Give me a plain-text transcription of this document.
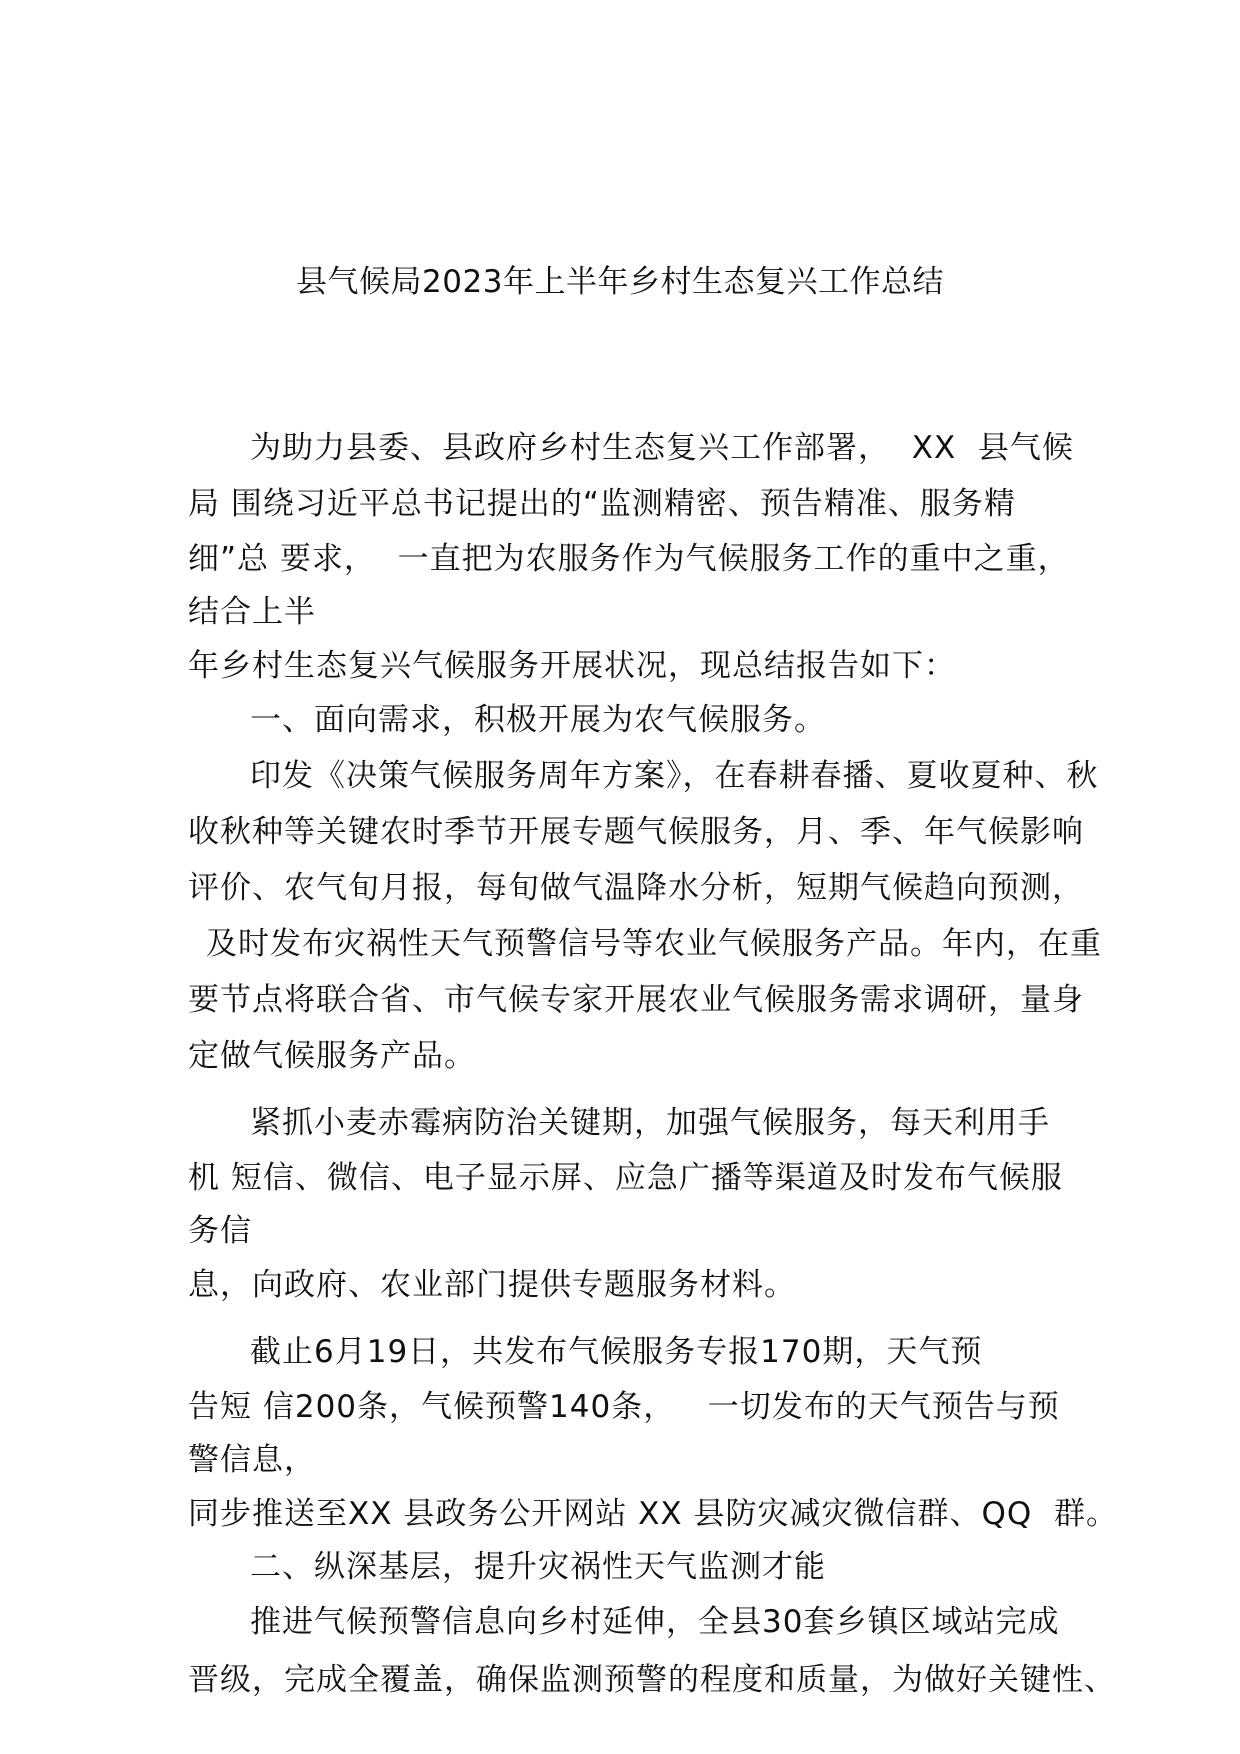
县气候局2023年上半年乡村生态复兴工作总结
为助力县委、县政府乡村生态复兴工作部署，  XX  县气候
局 围绕习近平总书记提出的“监测精密、预告精准、服务精
细”总 要求，  一直把为农服务作为气候服务工作的重中之重，
结合上半
年乡村生态复兴气候服务开展状况，现总结报告如下：
一、面向需求，积极开展为农气候服务。
印发《决策气候服务周年方案》，在春耕春播、夏收夏种、秋
收秋种等关键农时季节开展专题气候服务，月、季、年气候影响
评价、农气旬月报，每旬做气温降水分析，短期气候趋向预测，
及时发布灾祸性天气预警信号等农业气候服务产品。年内，在重
要节点将联合省、市气候专家开展农业气候服务需求调研，量身
定做气候服务产品。
紧抓小麦赤霉病防治关键期，加强气候服务，每天利用手
机 短信、微信、电子显示屏、应急广播等渠道及时发布气候服
务信
息，向政府、农业部门提供专题服务材料。
截止6月19日，共发布气候服务专报170期，天气预
告短 信200条，气候预警140条，   一切发布的天气预告与预
警信息，
同步推送至XX 县政务公开网站 XX 县防灾减灾微信群、QQ  群。
二、纵深基层，提升灾祸性天气监测才能
推进气候预警信息向乡村延伸，全县30套乡镇区域站完成
晋级，完成全覆盖，确保监测预警的程度和质量，为做好关键性、
